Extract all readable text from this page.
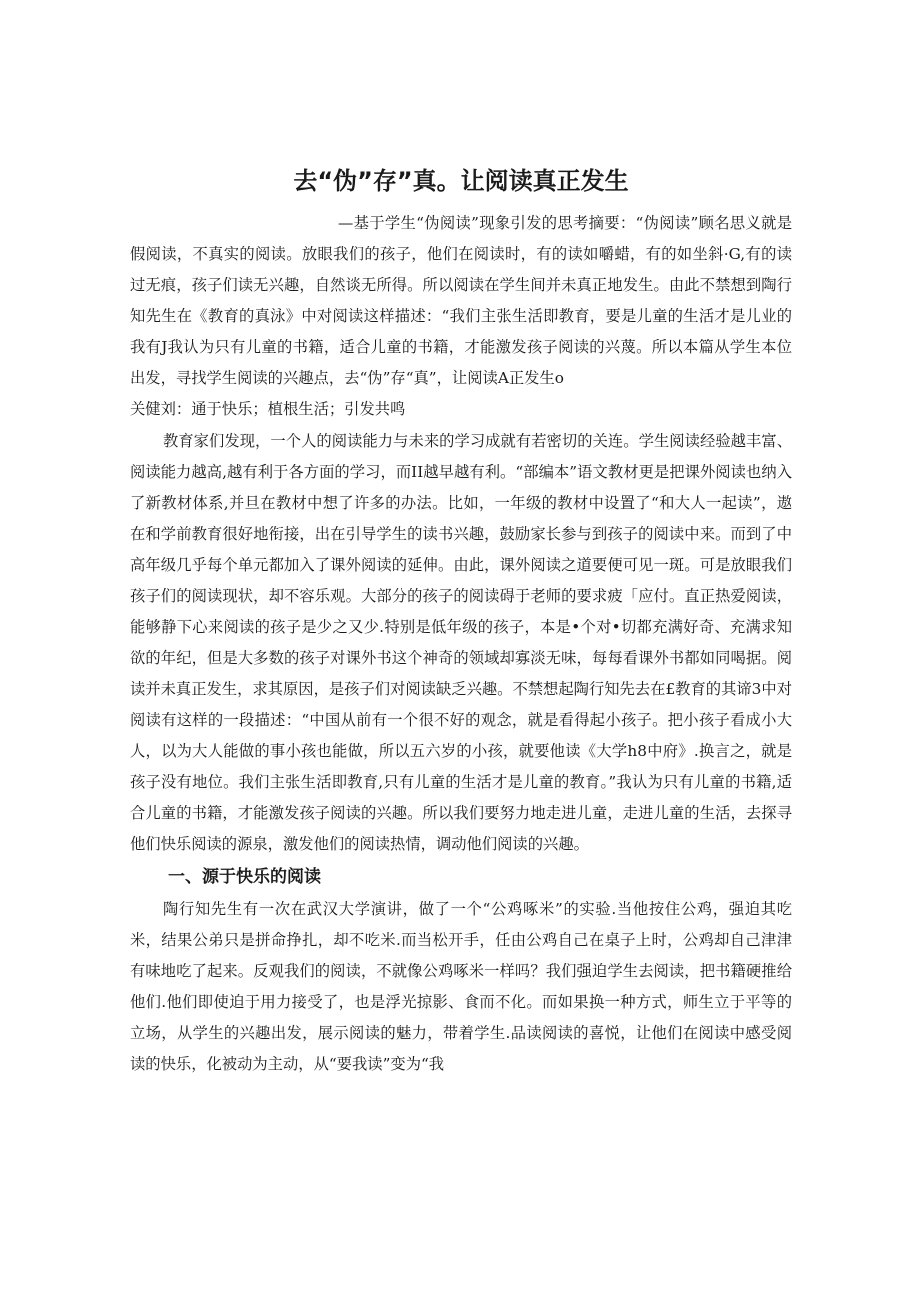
去“伪”存”真。让阅读真正发生

—基于学生“伪阅读”现象引发的思考摘要：“伪阅读”顾名思义就是假阅读，不真实的阅读。放眼我们的孩子，他们在阅读时，有的读如嚼蜡，有的如坐斜·G,有的读过无痕，孩子们读无兴趣，自然谈无所得。所以阅读在学生间并未真正地发生。由此不禁想到陶行知先生在《教育的真泳》中对阅读这样描述：“我们主张生活即教育，要是儿童的生活才是儿业的我有J我认为只有儿童的书籍，适合儿童的书籍，才能激发孩子阅读的兴蔑。所以本篇从学生本位出发，寻找学生阅读的兴趣点，去“伪”存“真”，让阅读A正发生o

关健刘：通于快乐；植根生活；引发共鸣

教育家们发现，一个人的阅读能力与未来的学习成就有若密切的关连。学生阅读经验越丰富、阅读能力越高,越有利于各方面的学习，而II越早越有利。“部编本”语文教材更是把课外阅读也纳入了新教材体系,并旦在教材中想了许多的办法。比如，一年级的教材中设置了“和大人一起读”，遨在和学前教育很好地衔接，出在引导学生的读书兴趣，鼓励家长参与到孩子的阅读中来。而到了中高年级几乎每个单元都加入了课外阅读的延伸。由此，课外阅读之道要便可见一斑。可是放眼我们孩子们的阅读现状，却不容乐观。大部分的孩子的阅读碍于老师的要求疲「应付。直正热爱阅读，能够静下心来阅读的孩子是少之又少.特别是低年级的孩子，本是•个对•切都充满好奇、充满求知欲的年纪，但是大多数的孩子对课外书这个神奇的领域却寡淡无味，每每看课外书都如同喝据。阅读并未真正发生，求其原因，是孩子们对阅读缺乏兴趣。不禁想起陶行知先去在£教育的其谛3中对阅读有这样的一段描述：“中国从前有一个很不好的观念，就是看得起小孩子。把小孩子看成小大人，以为大人能做的事小孩也能做，所以五六岁的小孩，就要他读《大学h8中府》.换言之，就是孩子没有地位。我们主张生活即教育,只有儿童的生活才是儿童的教育。”我认为只有儿童的书籍,适合儿童的书籍，才能激发孩子阅读的兴趣。所以我们要努力地走进儿童，走进儿童的生活，去探寻他们快乐阅读的源泉，激发他们的阅读热情，调动他们阅读的兴趣。

一、源于快乐的阅读

陶行知先生有一次在武汉大学演讲，做了一个“公鸡啄米”的实验.当他按住公鸡，强迫其吃米，结果公弟只是拼命挣扎，却不吃米.而当松开手，任由公鸡自己在桌子上时，公鸡却自己津津有味地吃了起来。反观我们的阅读，不就像公鸡啄米一样吗？我们强迫学生去阅读，把书籍硬推给他们.他们即使迫于用力接受了，也是浮光掠影、食而不化。而如果换一种方式，师生立于平等的立场，从学生的兴趣出发，展示阅读的魅力，带着学生.品读阅读的喜悦，让他们在阅读中感受阅读的快乐，化被动为主动，从“要我读”变为“我
